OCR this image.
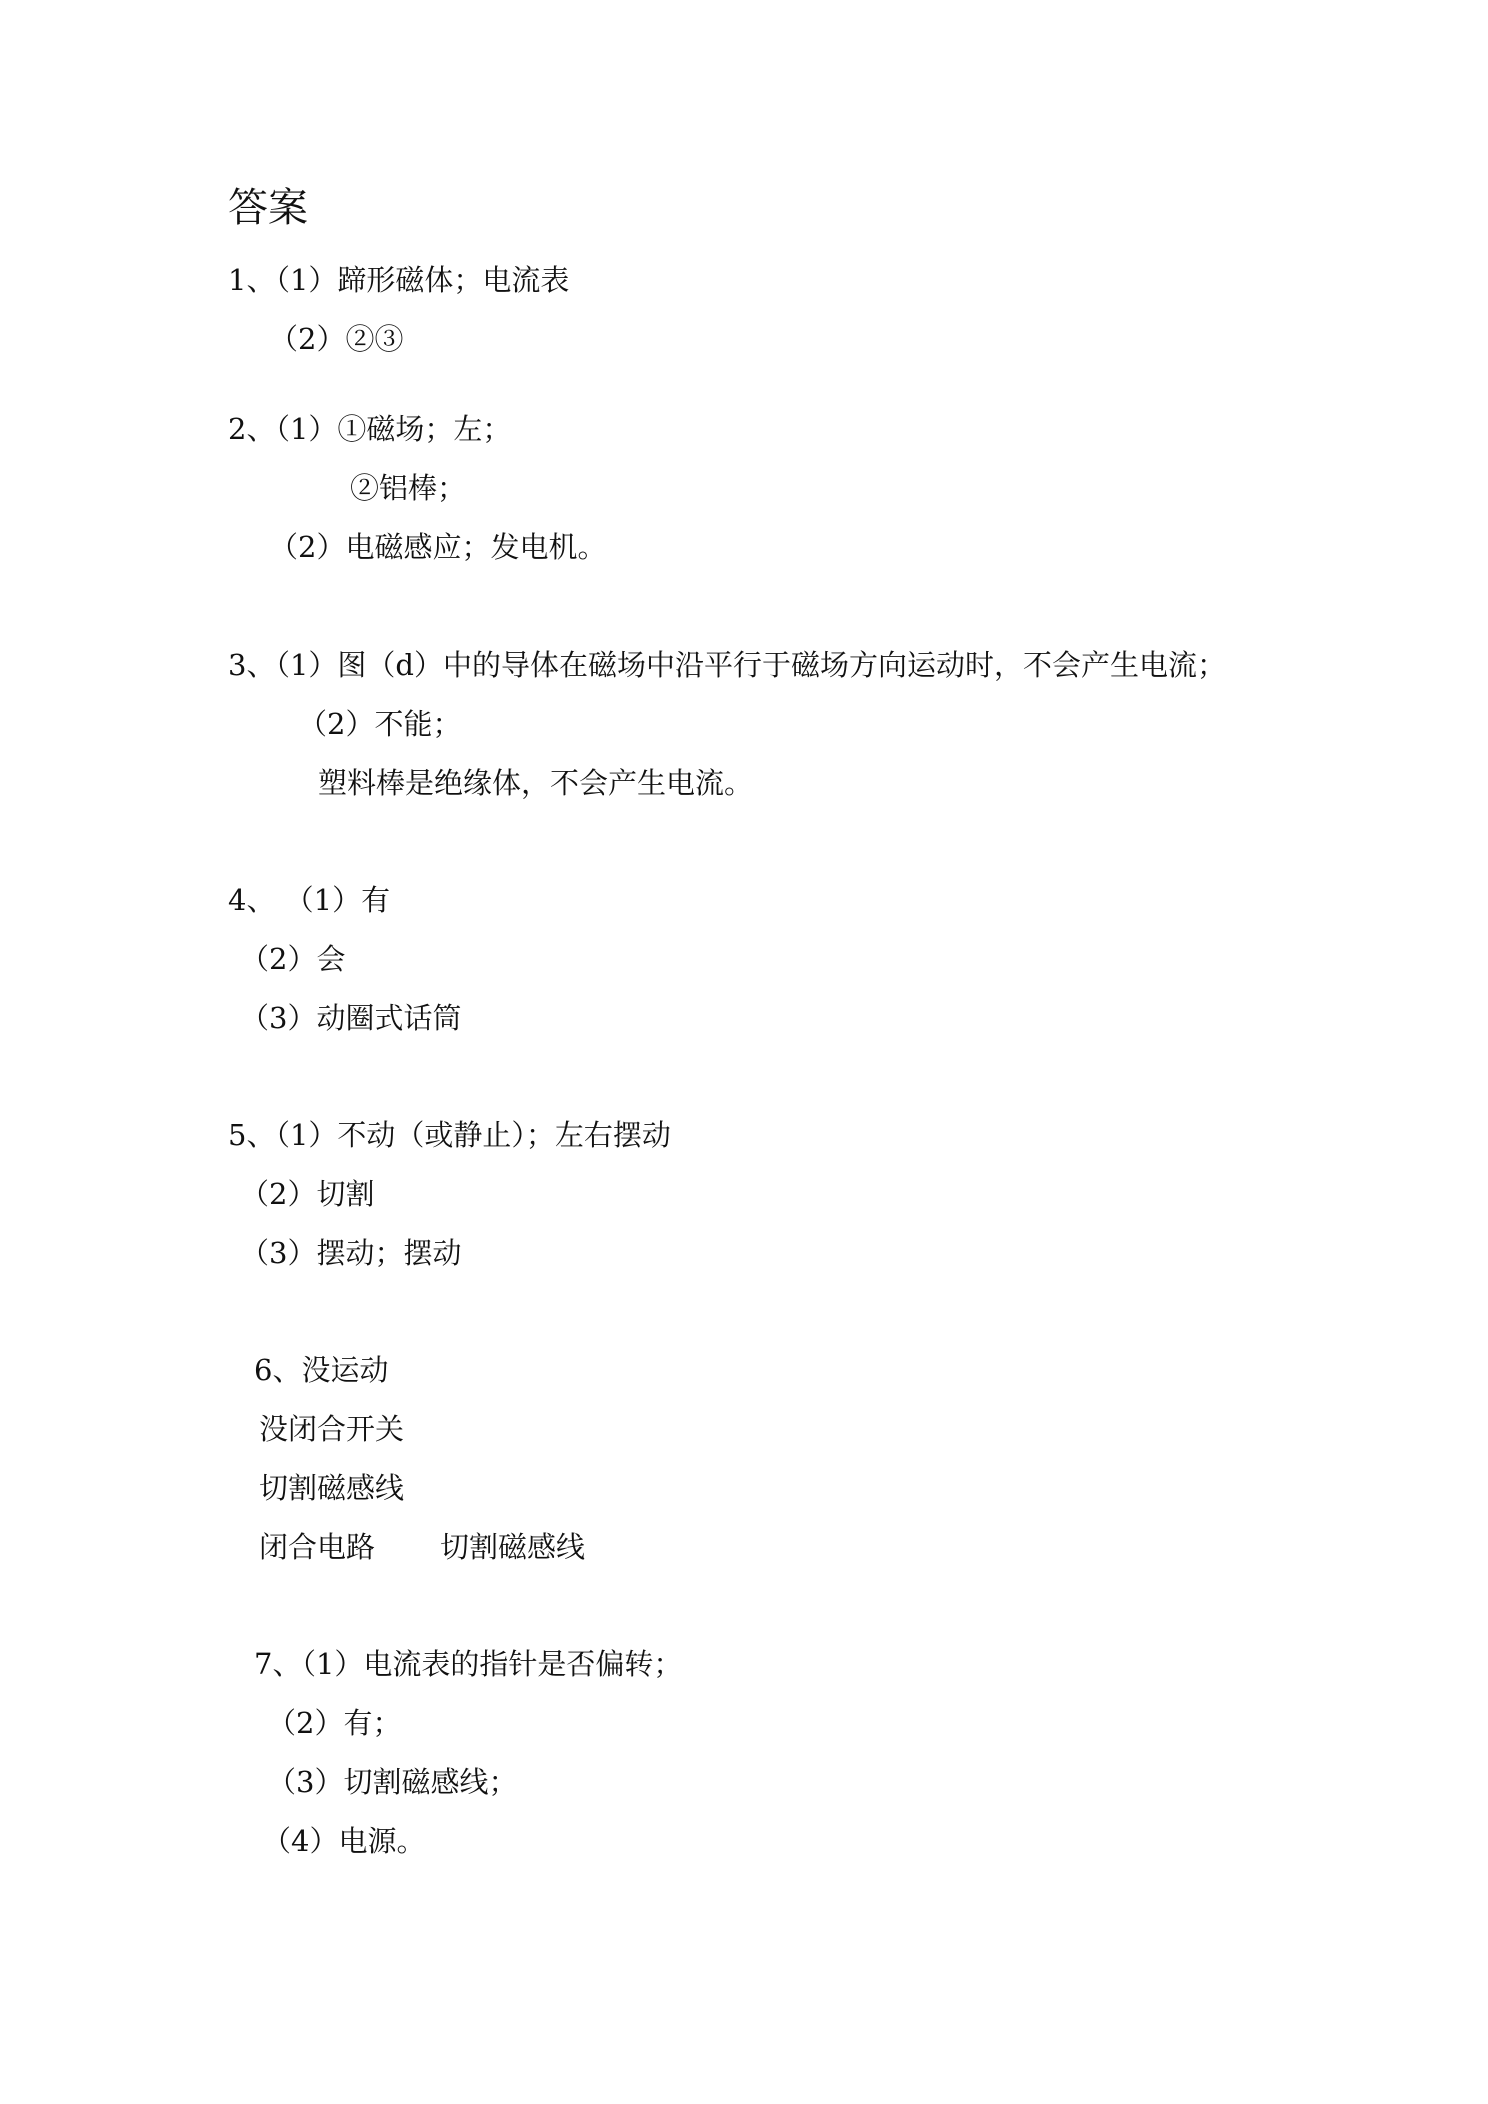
答案
1、（1）蹄形磁体；电流表
（2）②③
2、（1）①磁场；左；
②铝棒；
（2）电磁感应；发电机。
3、（1）图（d）中的导体在磁场中沿平行于磁场方向运动时，不会产生电流；
（2）不能；
塑料棒是绝缘体，不会产生电流。
4、 （1）有
（2）会
（3）动圈式话筒
5、（1）不动（或静止）；左右摆动
（2）切割
（3）摆动；摆动
6、没运动
没闭合开关
切割磁感线
闭合电路 切割磁感线
7、（1）电流表的指针是否偏转；
（2）有；
（3）切割磁感线；
（4）电源。
